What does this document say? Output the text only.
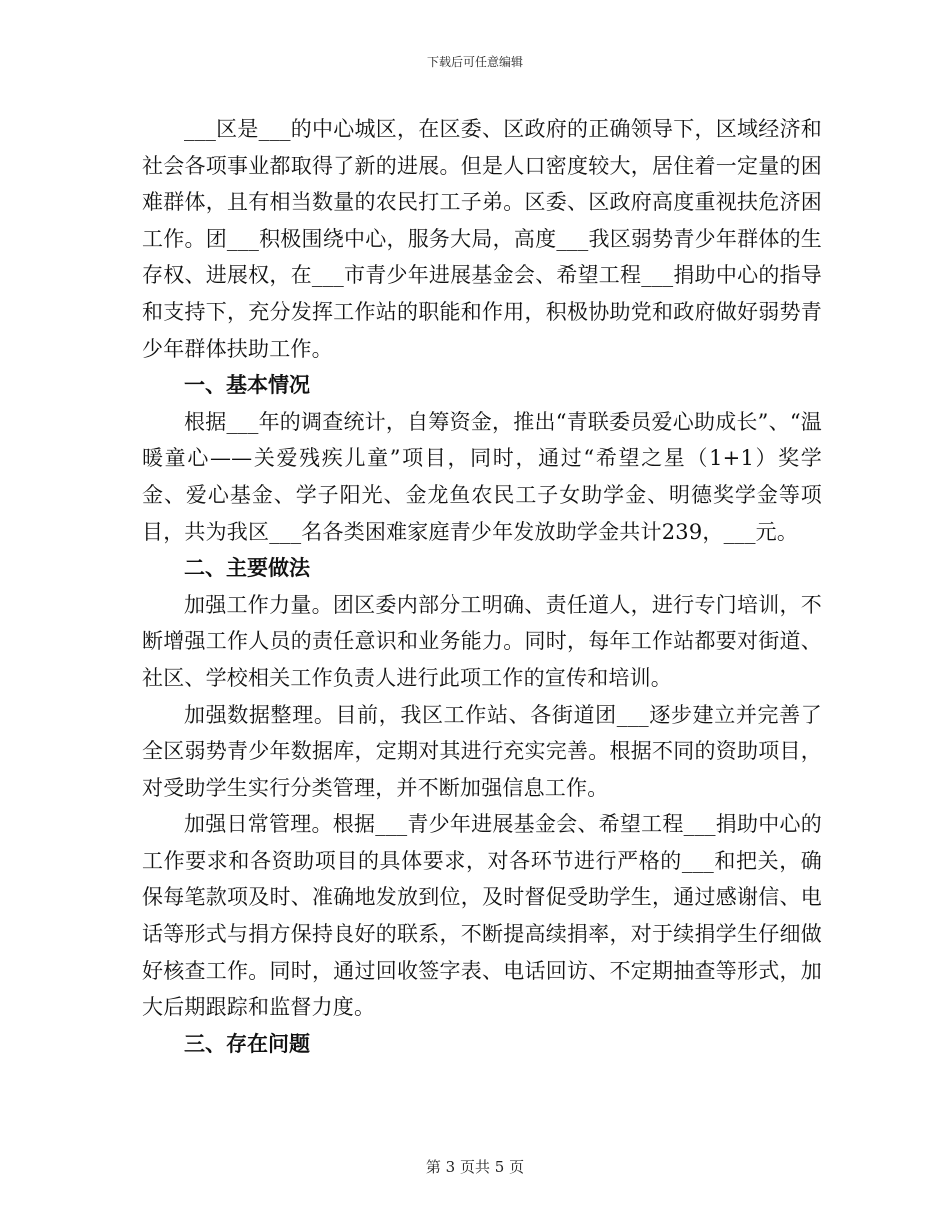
下载后可任意编辑

___区是___的中心城区，在区委、区政府的正确领导下，区域经济和社会各项事业都取得了新的进展。但是人口密度较大，居住着一定量的困难群体，且有相当数量的农民打工子弟。区委、区政府高度重视扶危济困工作。团___积极围绕中心，服务大局，高度___我区弱势青少年群体的生存权、进展权，在___市青少年进展基金会、希望工程___捐助中心的指导和支持下，充分发挥工作站的职能和作用，积极协助党和政府做好弱势青少年群体扶助工作。

一、基本情况

根据___年的调查统计，自筹资金，推出“青联委员爱心助成长”、“温暖童心——关爱残疾儿童”项目，同时，通过“希望之星（1+1）奖学金、爱心基金、学子阳光、金龙鱼农民工子女助学金、明德奖学金等项目，共为我区___名各类困难家庭青少年发放助学金共计239，___元。

二、主要做法

加强工作力量。团区委内部分工明确、责任道人，进行专门培训，不断增强工作人员的责任意识和业务能力。同时，每年工作站都要对街道、社区、学校相关工作负责人进行此项工作的宣传和培训。

加强数据整理。目前，我区工作站、各街道团___逐步建立并完善了全区弱势青少年数据库，定期对其进行充实完善。根据不同的资助项目，对受助学生实行分类管理，并不断加强信息工作。

加强日常管理。根据___青少年进展基金会、希望工程___捐助中心的工作要求和各资助项目的具体要求，对各环节进行严格的___和把关，确保每笔款项及时、准确地发放到位，及时督促受助学生，通过感谢信、电话等形式与捐方保持良好的联系，不断提高续捐率，对于续捐学生仔细做好核查工作。同时，通过回收签字表、电话回访、不定期抽查等形式，加大后期跟踪和监督力度。

三、存在问题

第 3 页共 5 页
